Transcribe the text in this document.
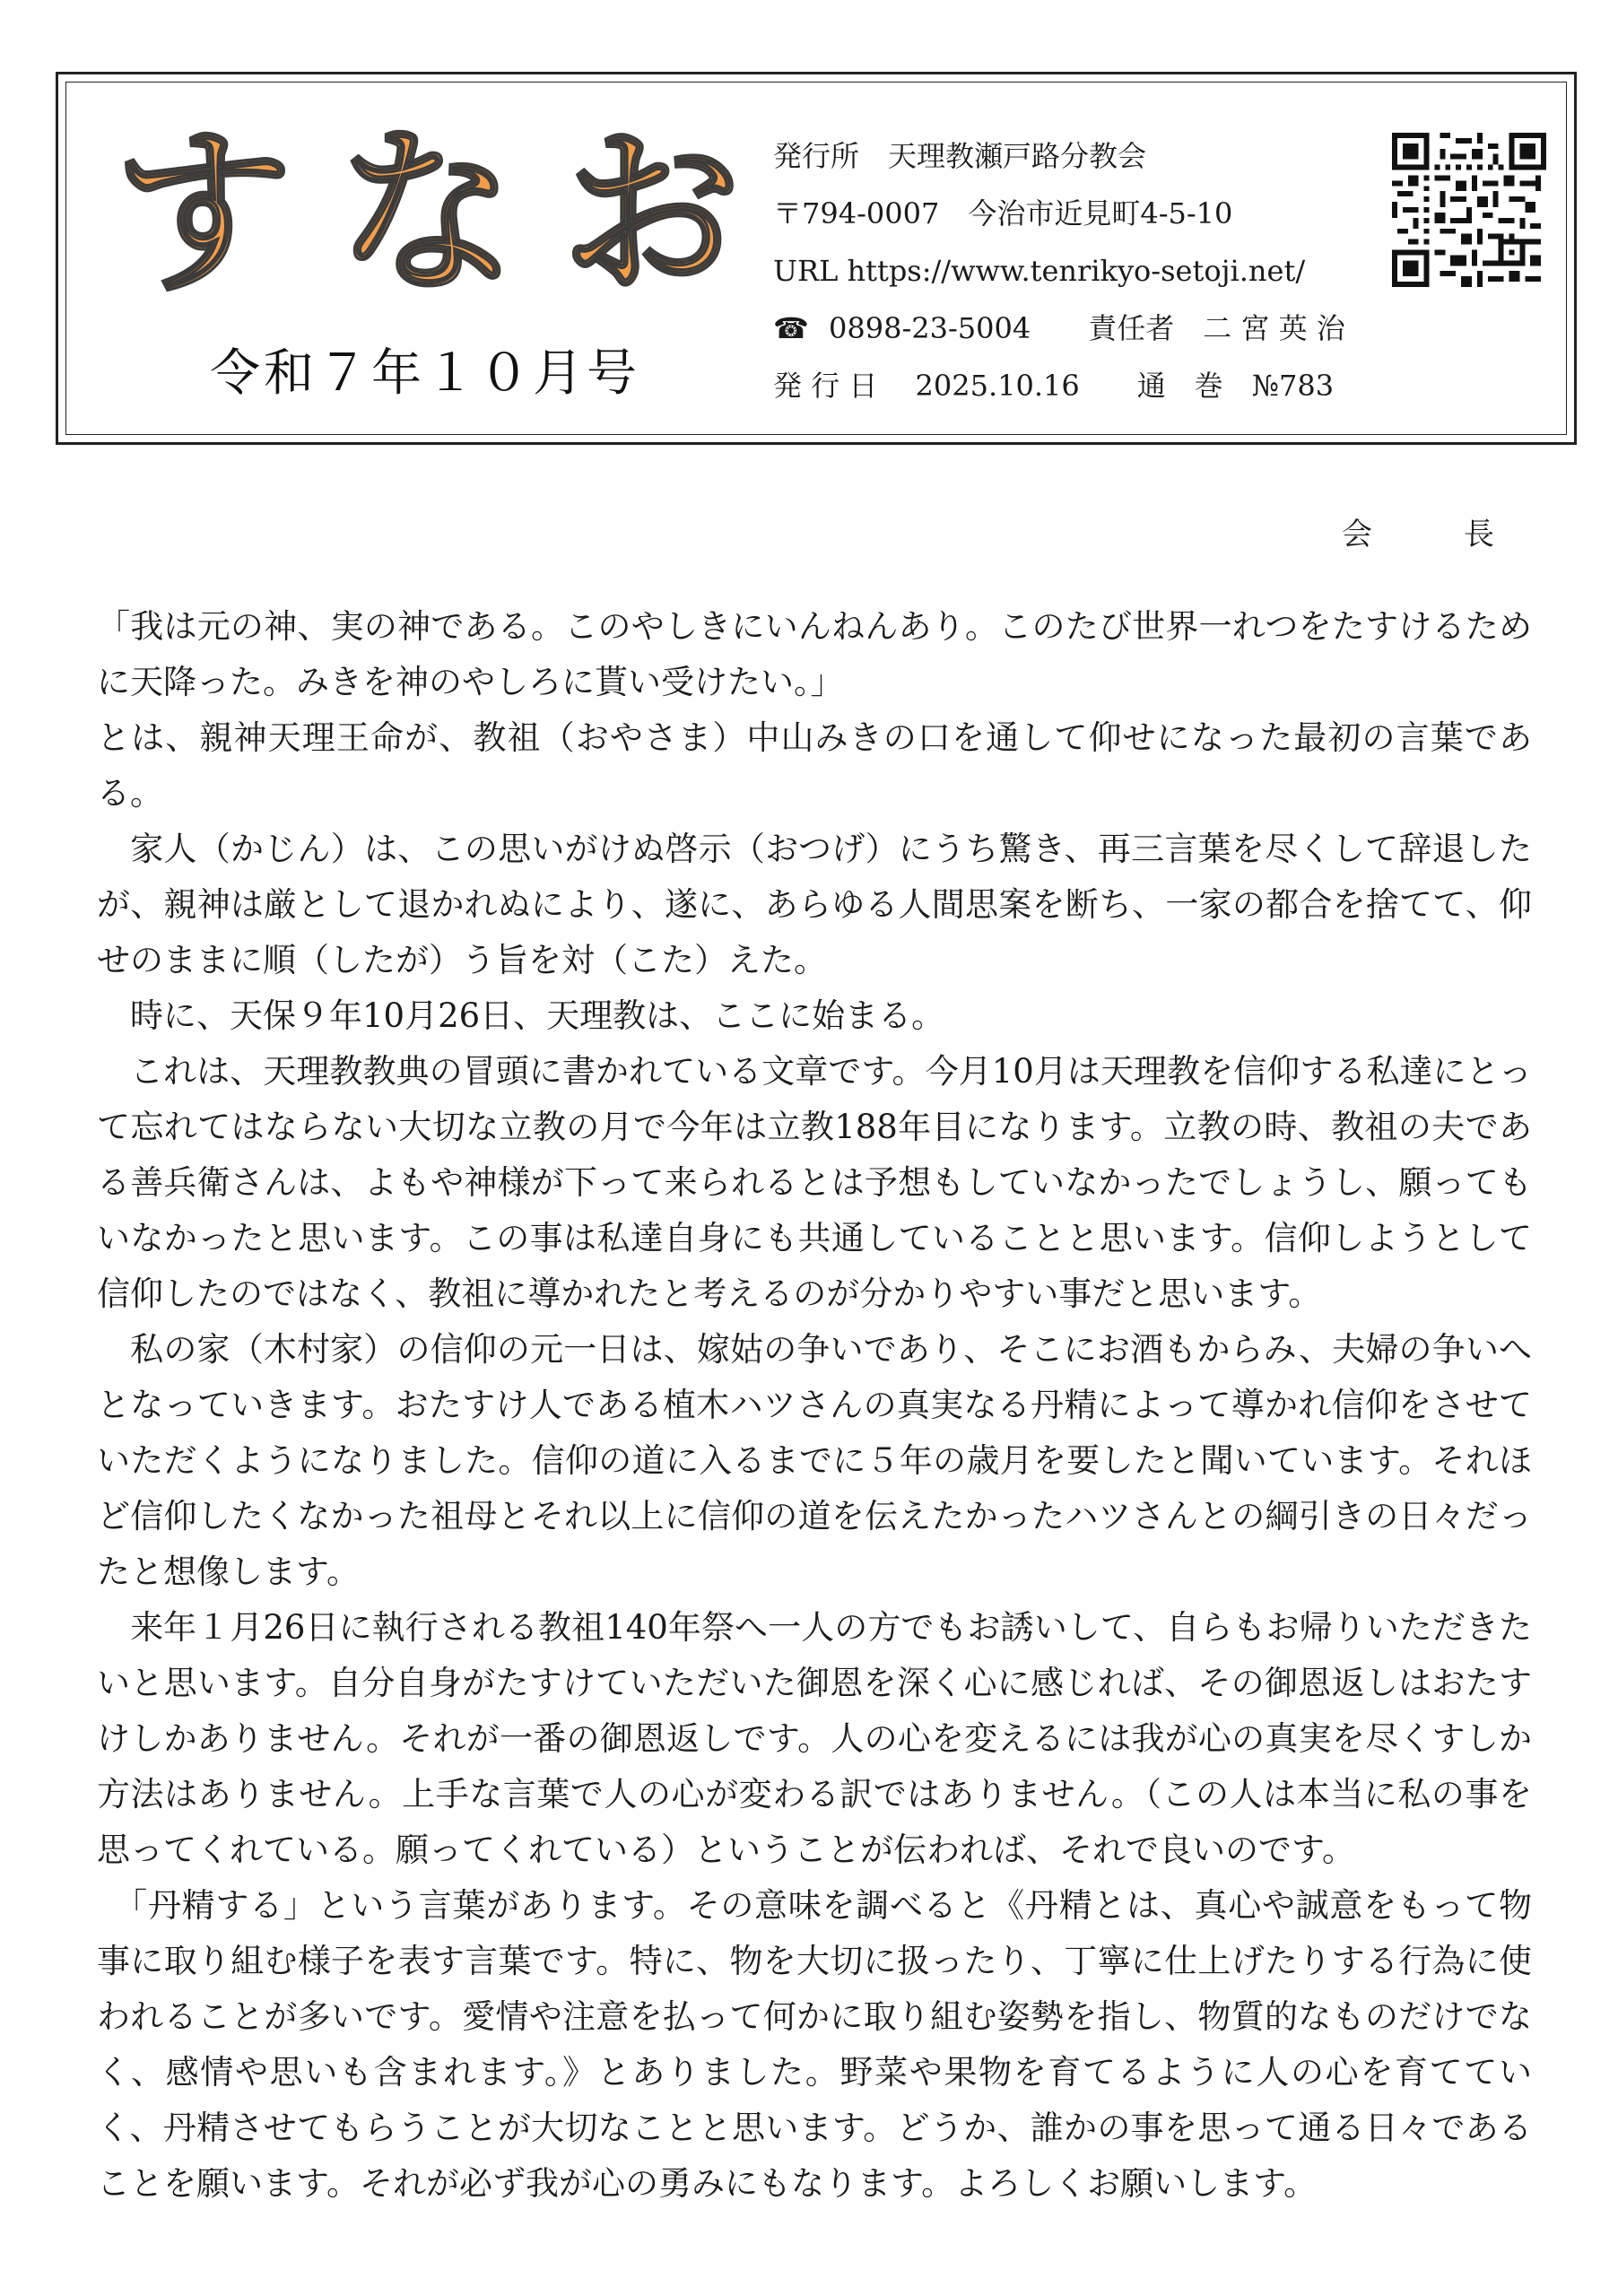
す な お
令和７年１０月号
発行所　天理教瀬戸路分教会
〒794-0007　今治市近見町4-5-10
URL https://www.tenrikyo-setoji.net/
☎ 0898-23-5004　　責任者　二 宮 英 治
発 行 日　 2025.10.16　　通　巻　№783
会　　　長

「我は元の神、実の神である。このやしきにいんねんあり。このたび世界一れつをたすけるために天降った。みきを神のやしろに貰い受けたい。」

とは、親神天理王命が、教祖（おやさま）中山みきの口を通して仰せになった最初の言葉である。

　家人（かじん）は、この思いがけぬ啓示（おつげ）にうち驚き、再三言葉を尽くして辞退したが、親神は厳として退かれぬにより、遂に、あらゆる人間思案を断ち、一家の都合を捨てて、仰せのままに順（したが）う旨を対（こた）えた。

　時に、天保９年10月26日、天理教は、ここに始まる。

　これは、天理教教典の冒頭に書かれている文章です。今月10月は天理教を信仰する私達にとって忘れてはならない大切な立教の月で今年は立教188年目になります。立教の時、教祖の夫である善兵衛さんは、よもや神様が下って来られるとは予想もしていなかったでしょうし、願ってもいなかったと思います。この事は私達自身にも共通していることと思います。信仰しようとして信仰したのではなく、教祖に導かれたと考えるのが分かりやすい事だと思います。

　私の家（木村家）の信仰の元一日は、嫁姑の争いであり、そこにお酒もからみ、夫婦の争いへとなっていきます。おたすけ人である植木ハツさんの真実なる丹精によって導かれ信仰をさせていただくようになりました。信仰の道に入るまでに５年の歳月を要したと聞いています。それほど信仰したくなかった祖母とそれ以上に信仰の道を伝えたかったハツさんとの綱引きの日々だったと想像します。

　来年１月26日に執行される教祖140年祭へ一人の方でもお誘いして、自らもお帰りいただきたいと思います。自分自身がたすけていただいた御恩を深く心に感じれば、その御恩返しはおたすけしかありません。それが一番の御恩返しです。人の心を変えるには我が心の真実を尽くすしか方法はありません。上手な言葉で人の心が変わる訳ではありません。（この人は本当に私の事を思ってくれている。願ってくれている）ということが伝われば、それで良いのです。

　「丹精する」という言葉があります。その意味を調べると《丹精とは、真心や誠意をもって物事に取り組む様子を表す言葉です。特に、物を大切に扱ったり、丁寧に仕上げたりする行為に使われることが多いです。愛情や注意を払って何かに取り組む姿勢を指し、物質的なものだけでなく、感情や思いも含まれます。》とありました。野菜や果物を育てるように人の心を育てていく、丹精させてもらうことが大切なことと思います。どうか、誰かの事を思って通る日々であることを願います。それが必ず我が心の勇みにもなります。よろしくお願いします。
